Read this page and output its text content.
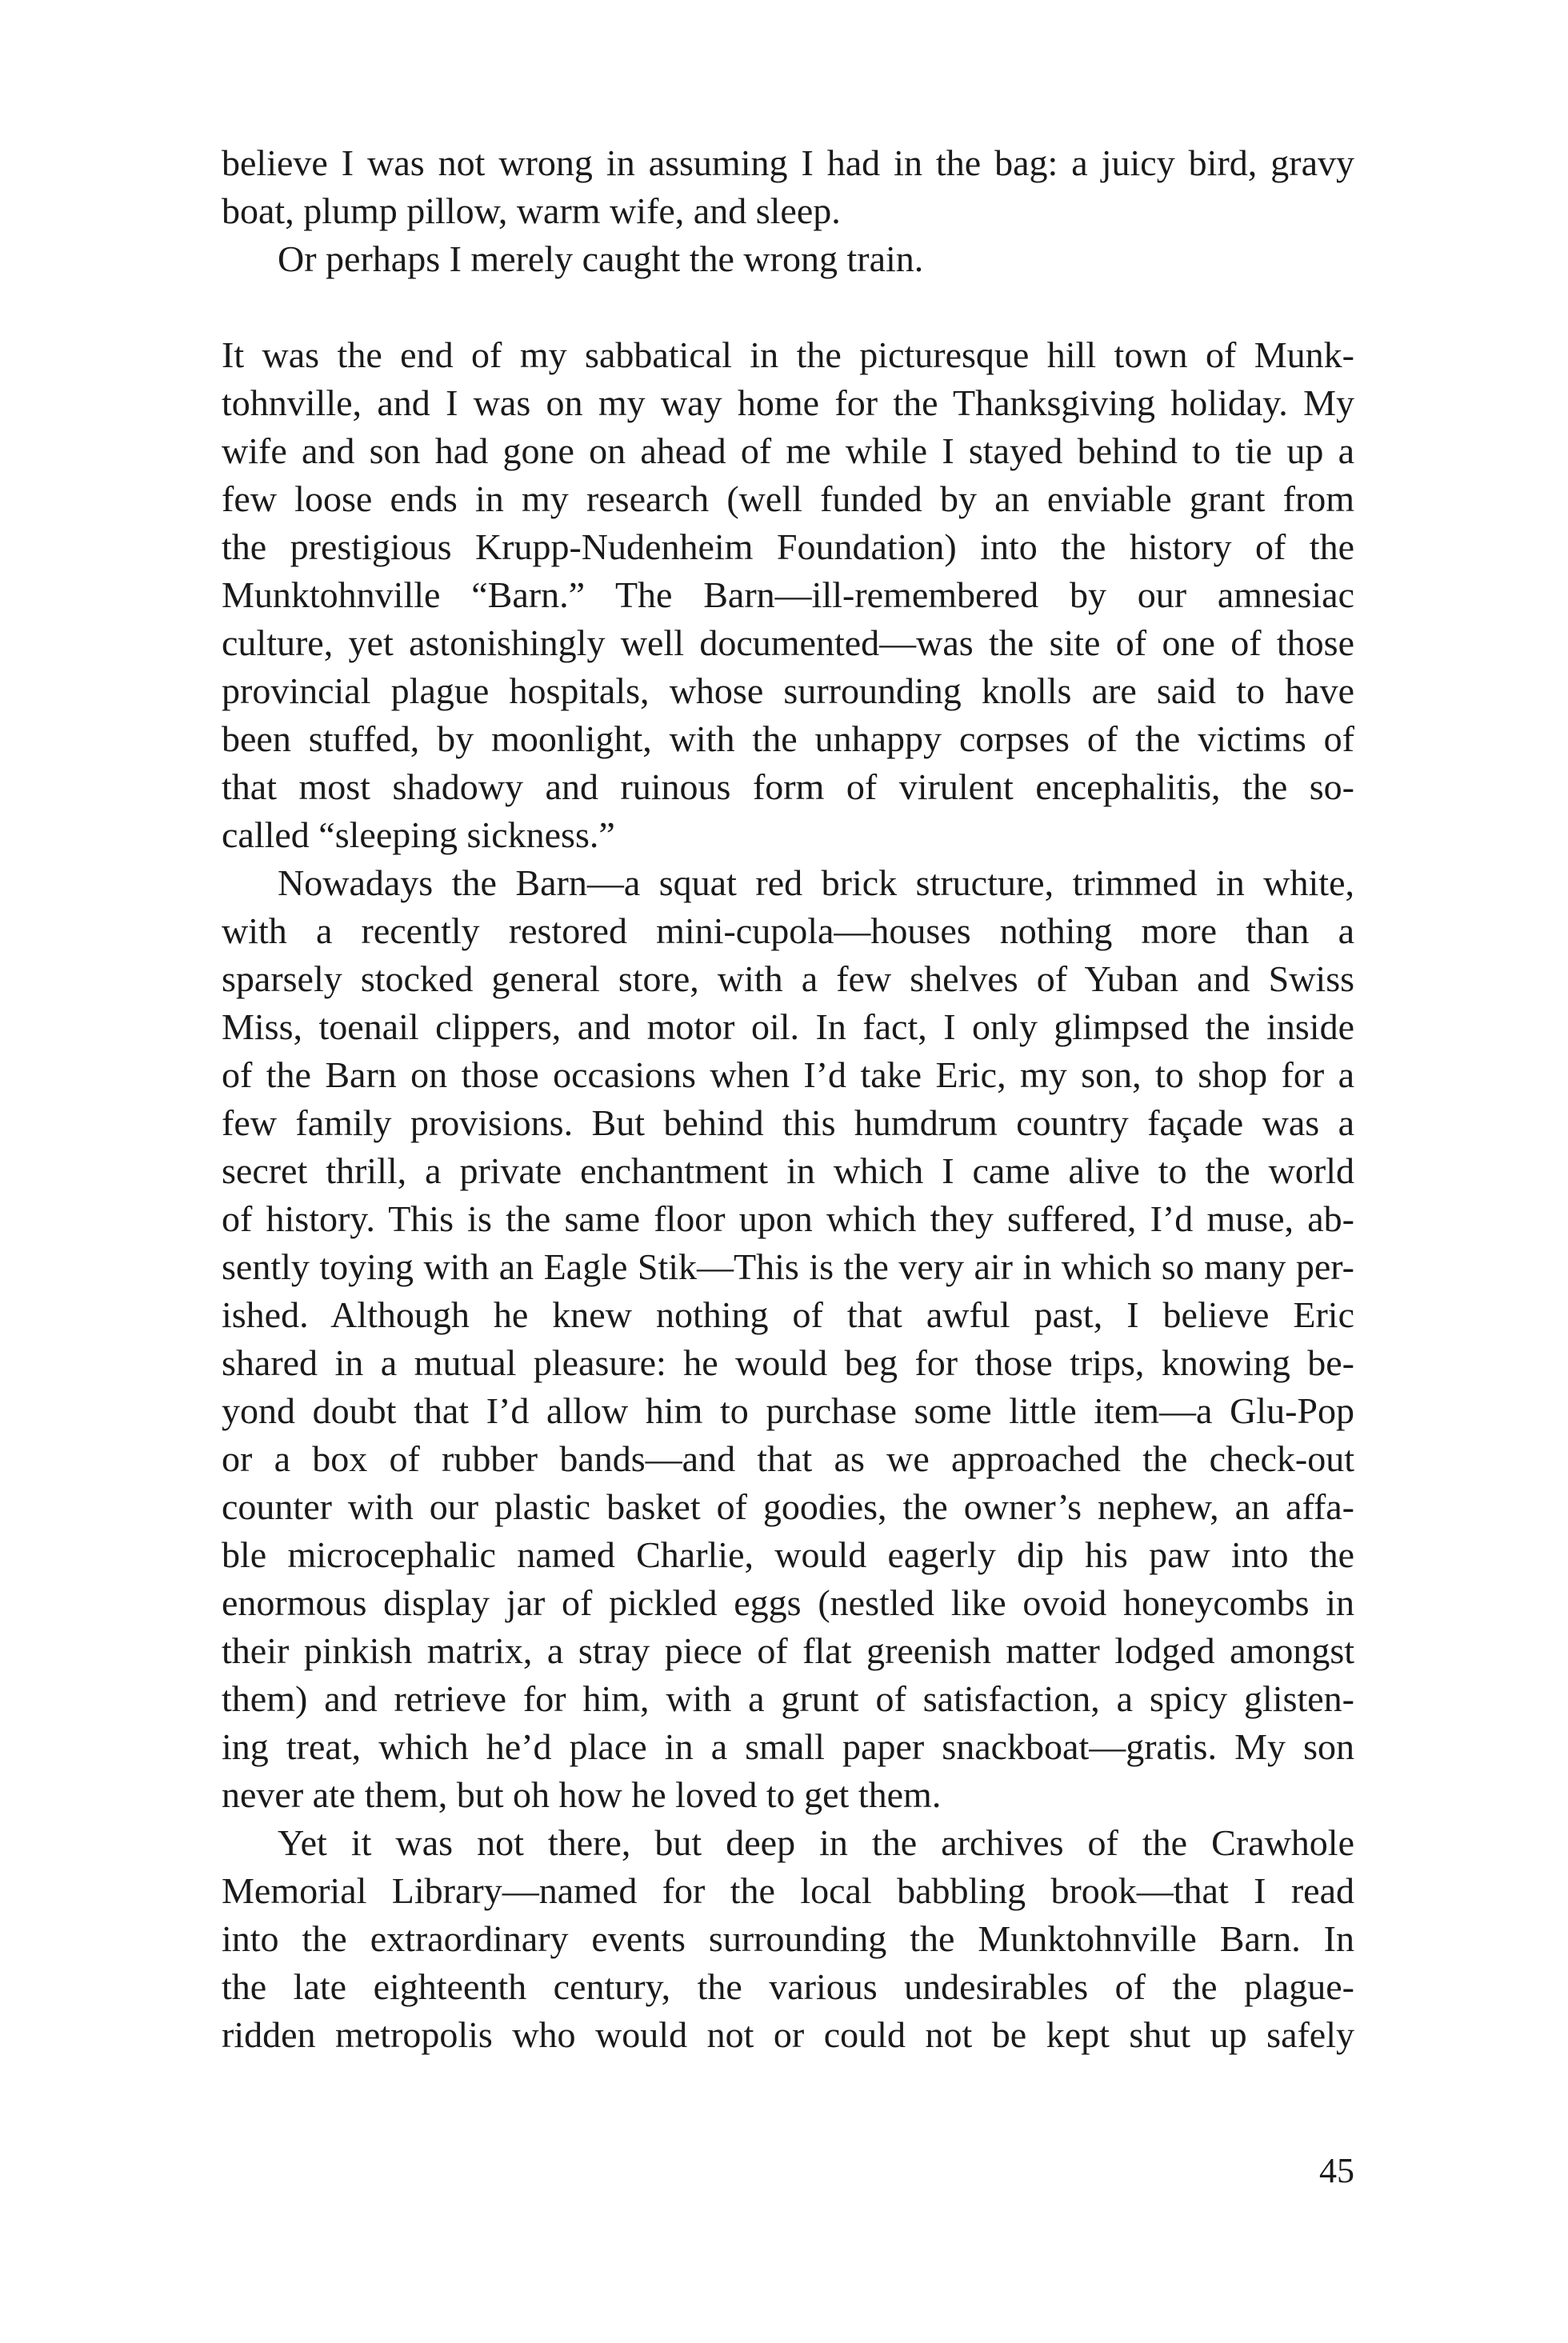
believe I was not wrong in assuming I had in the bag: a juicy bird, gravy
boat, plump pillow, warm wife, and sleep.
Or perhaps I merely caught the wrong train.
It was the end of my sabbatical in the picturesque hill town of Munk-
tohnville, and I was on my way home for the Thanksgiving holiday. My
wife and son had gone on ahead of me while I stayed behind to tie up a
few loose ends in my research (well funded by an enviable grant from
the prestigious Krupp-Nudenheim Foundation) into the history of the
Munktohnville “Barn.” The Barn—ill-remembered by our amnesiac
culture, yet astonishingly well documented—was the site of one of those
provincial plague hospitals, whose surrounding knolls are said to have
been stuffed, by moonlight, with the unhappy corpses of the victims of
that most shadowy and ruinous form of virulent encephalitis, the so-
called “sleeping sickness.”
Nowadays the Barn—a squat red brick structure, trimmed in white,
with a recently restored mini-cupola—houses nothing more than a
sparsely stocked general store, with a few shelves of Yuban and Swiss
Miss, toenail clippers, and motor oil. In fact, I only glimpsed the inside
of the Barn on those occasions when I’d take Eric, my son, to shop for a
few family provisions. But behind this humdrum country façade was a
secret thrill, a private enchantment in which I came alive to the world
of history. This is the same floor upon which they suffered, I’d muse, ab-
sently toying with an Eagle Stik—This is the very air in which so many per-
ished. Although he knew nothing of that awful past, I believe Eric
shared in a mutual pleasure: he would beg for those trips, knowing be-
yond doubt that I’d allow him to purchase some little item—a Glu-Pop
or a box of rubber bands—and that as we approached the check-out
counter with our plastic basket of goodies, the owner’s nephew, an affa-
ble microcephalic named Charlie, would eagerly dip his paw into the
enormous display jar of pickled eggs (nestled like ovoid honeycombs in
their pinkish matrix, a stray piece of flat greenish matter lodged amongst
them) and retrieve for him, with a grunt of satisfaction, a spicy glisten-
ing treat, which he’d place in a small paper snackboat—gratis. My son
never ate them, but oh how he loved to get them.
Yet it was not there, but deep in the archives of the Crawhole
Memorial Library—named for the local babbling brook—that I read
into the extraordinary events surrounding the Munktohnville Barn. In
the late eighteenth century, the various undesirables of the plague-
ridden metropolis who would not or could not be kept shut up safely
45
